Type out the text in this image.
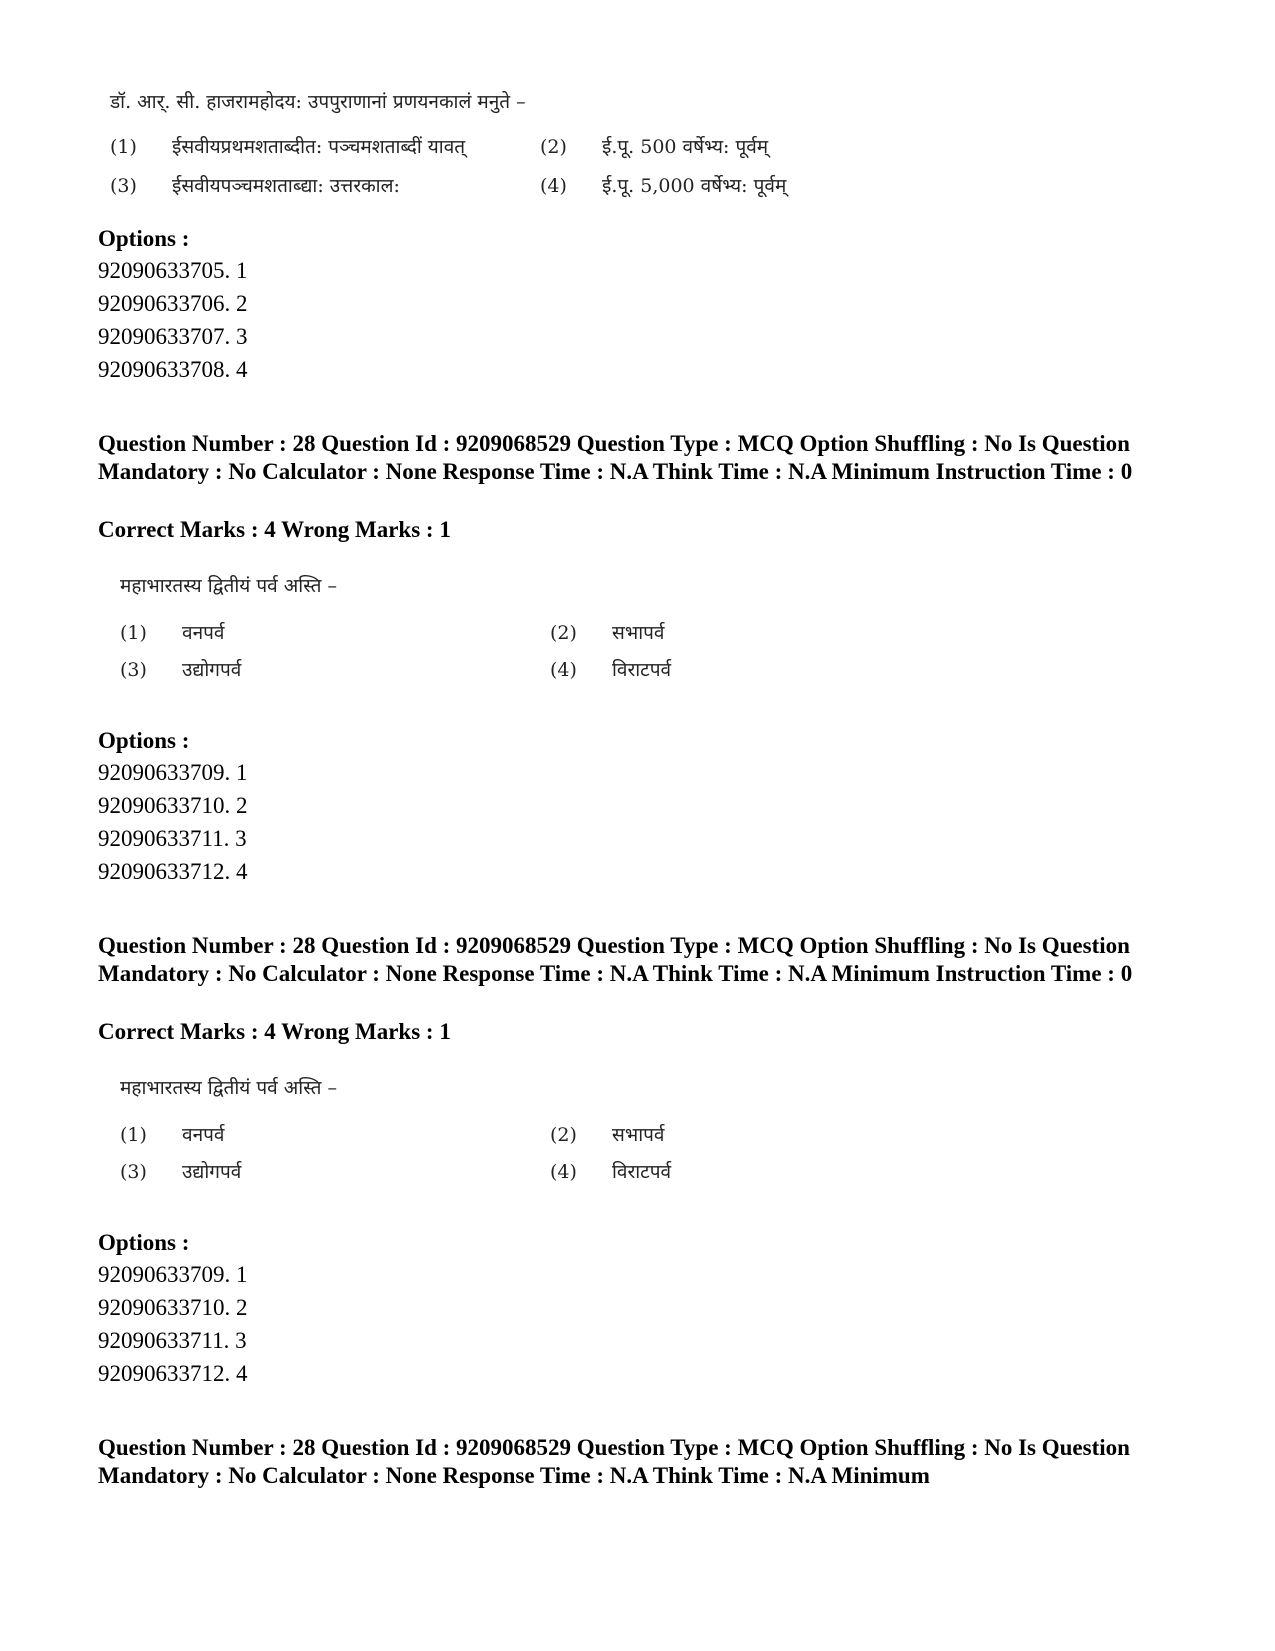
डॉ. आर्. सी. हाजरामहोदय: उपपुराणानां प्रणयनकालं मनुते –
(1) ईसवीयप्रथमशताब्दीत: पञ्चमशताब्दीं यावत्	(2) ई.पू. 500 वर्षेभ्य: पूर्वम्
(3) ईसवीयपञ्चमशताब्द्या: उत्तरकाल:	(4) ई.पू. 5,000 वर्षेभ्य: पूर्वम्
Options :
92090633705. 1
92090633706. 2
92090633707. 3
92090633708. 4
Question Number : 28 Question Id : 9209068529 Question Type : MCQ Option Shuffling : No Is Question Mandatory : No Calculator : None Response Time : N.A Think Time : N.A Minimum Instruction Time : 0
Correct Marks : 4 Wrong Marks : 1
महाभारतस्य द्वितीयं पर्व अस्ति –
(1) वनपर्व	(2) सभापर्व
(3) उद्योगपर्व	(4) विराटपर्व
Options :
92090633709. 1
92090633710. 2
92090633711. 3
92090633712. 4
Question Number : 28 Question Id : 9209068529 Question Type : MCQ Option Shuffling : No Is Question Mandatory : No Calculator : None Response Time : N.A Think Time : N.A Minimum Instruction Time : 0
Correct Marks : 4 Wrong Marks : 1
महाभारतस्य द्वितीयं पर्व अस्ति –
(1) वनपर्व	(2) सभापर्व
(3) उद्योगपर्व	(4) विराटपर्व
Options :
92090633709. 1
92090633710. 2
92090633711. 3
92090633712. 4
Question Number : 28 Question Id : 9209068529 Question Type : MCQ Option Shuffling : No Is Question Mandatory : No Calculator : None Response Time : N.A Think Time : N.A Minimum
